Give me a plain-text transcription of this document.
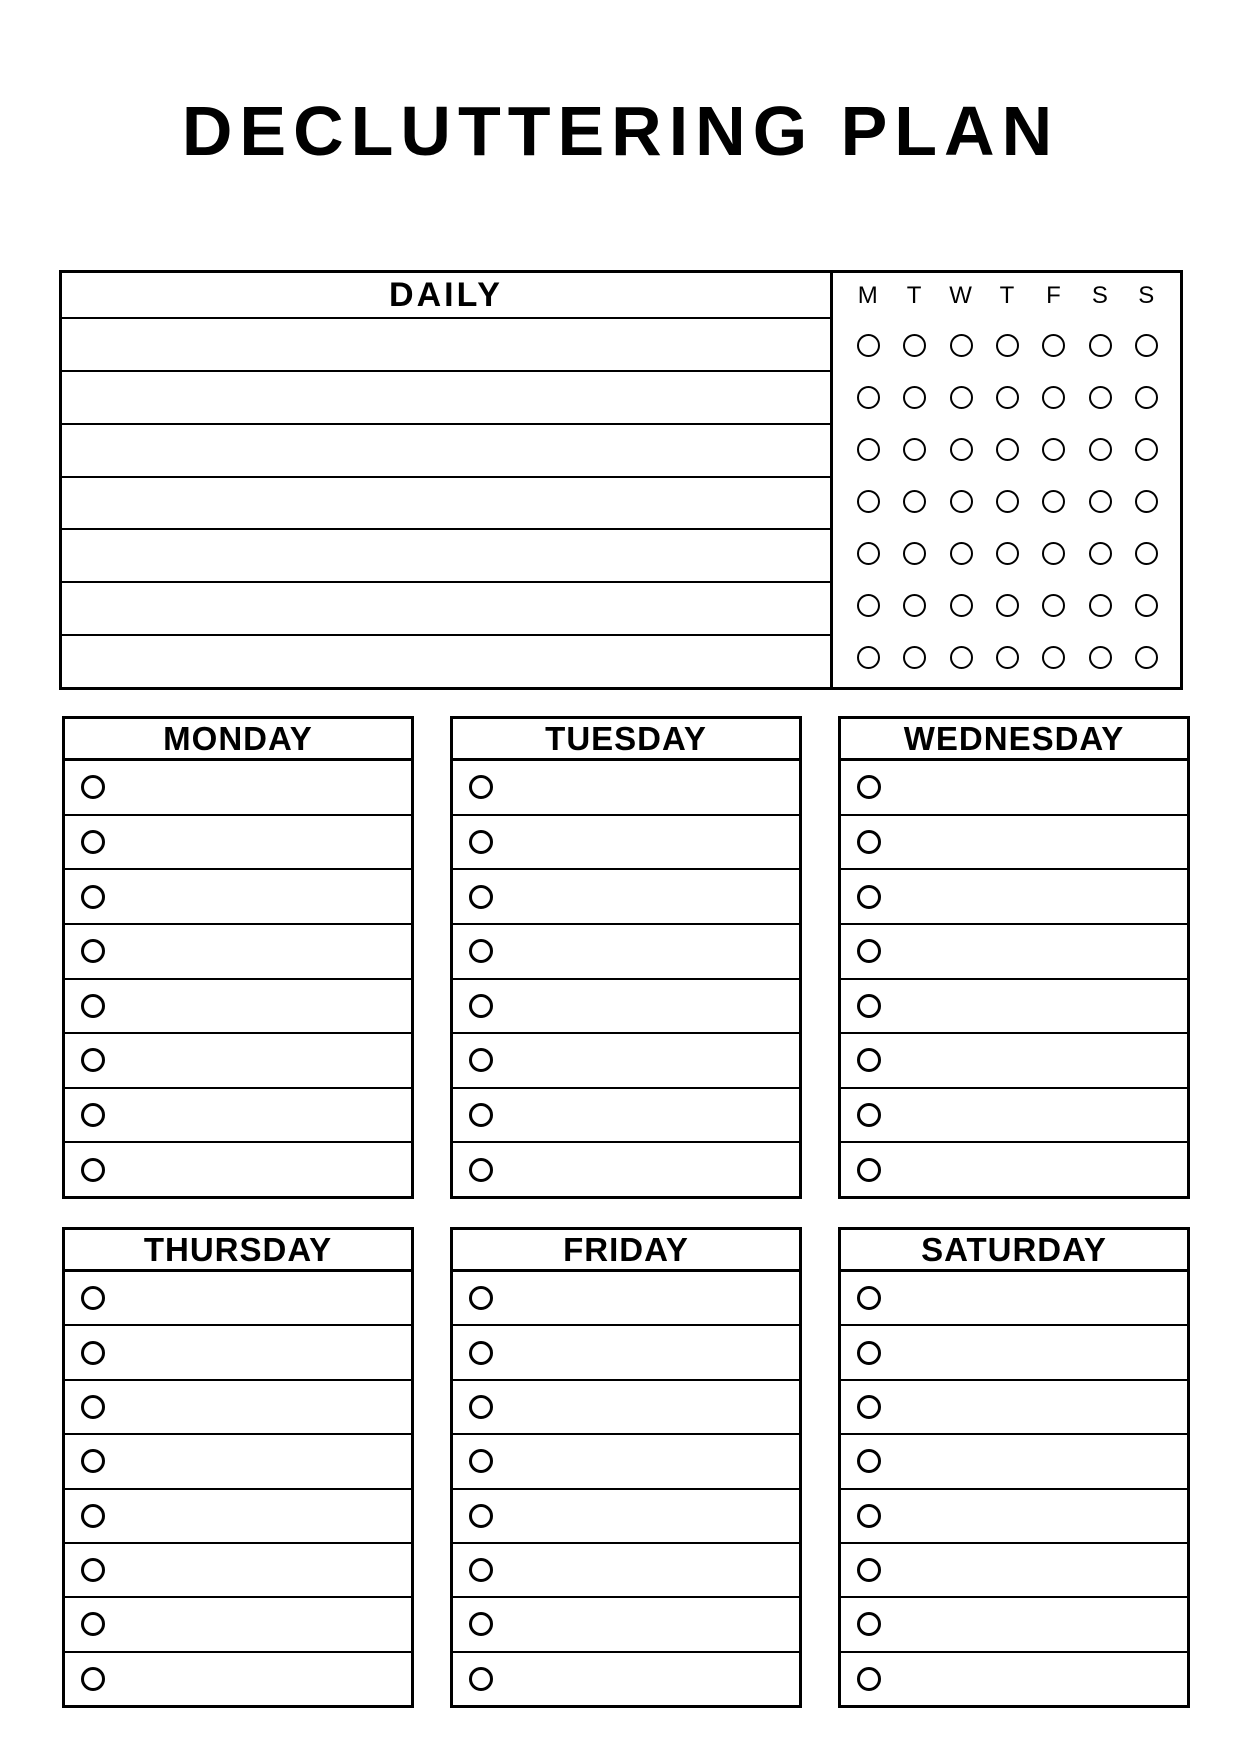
DECLUTTERING PLAN
DAILY	M	T	W	T	F	S	S
MONDAY	TUESDAY	WEDNESDAY
THURSDAY	FRIDAY	SATURDAY
